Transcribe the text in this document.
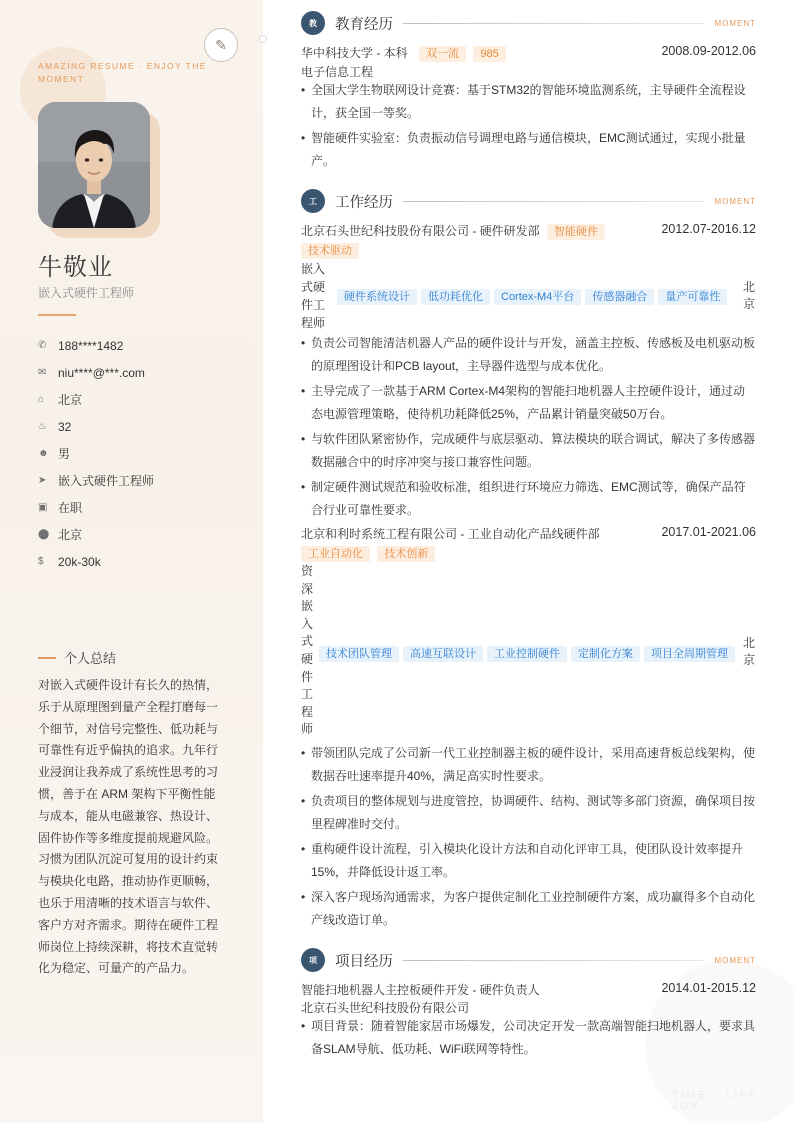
✎
AMAZING RESUME · ENJOY THE MOMENT
牛敬业
嵌入式硬件工程师
✆ 188****1482
✉ niu****@***.com
⌂	北京
♨ 32
☻ 男
➤ 嵌入式硬件工程师
▣ 在职
⬤ 北京
$	20k-30k
个人总结
对嵌入式硬件设计有长久的热情，乐于从原理图到量产全程打磨每一个细节，对信号完整性、低功耗与可靠性有近乎偏执的追求。九年行业浸润让我养成了系统性思考的习惯，善于在 ARM 架构下平衡性能与成本，能从电磁兼容、热设计、固件协作等多维度提前规避风险。习惯为团队沉淀可复用的设计约束与模块化电路，推动协作更顺畅，也乐于用清晰的技术语言与软件、客户方对齐需求。期待在硬件工程师岗位上持续深耕，将技术直觉转化为稳定、可量产的产品力。
TIME · LIFE · JOY
教	教育经历	MOMENT
华中科技大学 - 本科 双一流 985	2008.09-2012.06
电子信息工程
• 全国大学生物联网设计竞赛：基于STM32的智能环境监测系统，主导硬件全流程设计，获全国一等奖。
• 智能硬件实验室：负责振动信号调理电路与通信模块，EMC测试通过，实现小批量产。
工	工作经历	MOMENT
北京石头世纪科技股份有限公司 - 硬件研发部 智能硬件	2012.07-2016.12
技术驱动
嵌入式硬件工程师
硬件系统设计 低功耗优化 Cortex-M4平台 传感器融合 量产可靠性
北京
• 负责公司智能清洁机器人产品的硬件设计与开发，涵盖主控板、传感板及电机驱动板的原理图设计和PCB layout，主导器件选型与成本优化。
• 主导完成了一款基于ARM Cortex-M4架构的智能扫地机器人主控硬件设计，通过动态电源管理策略，使待机功耗降低25%，产品累计销量突破50万台。
• 与软件团队紧密协作，完成硬件与底层驱动、算法模块的联合调试，解决了多传感器数据融合中的时序冲突与接口兼容性问题。
• 制定硬件测试规范和验收标准，组织进行环境应力筛选、EMC测试等，确保产品符合行业可靠性要求。
北京和利时系统工程有限公司 - 工业自动化产品线硬件部	2017.01-2021.06
工业自动化 技术创新
资深嵌入式硬件工程师
技术团队管理 高速互联设计 工业控制硬件 定制化方案 项目全周期管理
北京
• 带领团队完成了公司新一代工业控制器主板的硬件设计，采用高速背板总线架构，使数据吞吐速率提升40%，满足高实时性要求。
• 负责项目的整体规划与进度管控，协调硬件、结构、测试等多部门资源，确保项目按里程碑准时交付。
• 重构硬件设计流程，引入模块化设计方法和自动化评审工具，使团队设计效率提升15%，并降低设计返工率。
• 深入客户现场沟通需求，为客户提供定制化工业控制硬件方案，成功赢得多个自动化产线改造订单。
项	项目经历	MOMENT
智能扫地机器人主控板硬件开发 - 硬件负责人	2014.01-2015.12
北京石头世纪科技股份有限公司
• 项目背景：随着智能家居市场爆发，公司决定开发一款高端智能扫地机器人，要求具备SLAM导航、低功耗、WiFi联网等特性。
